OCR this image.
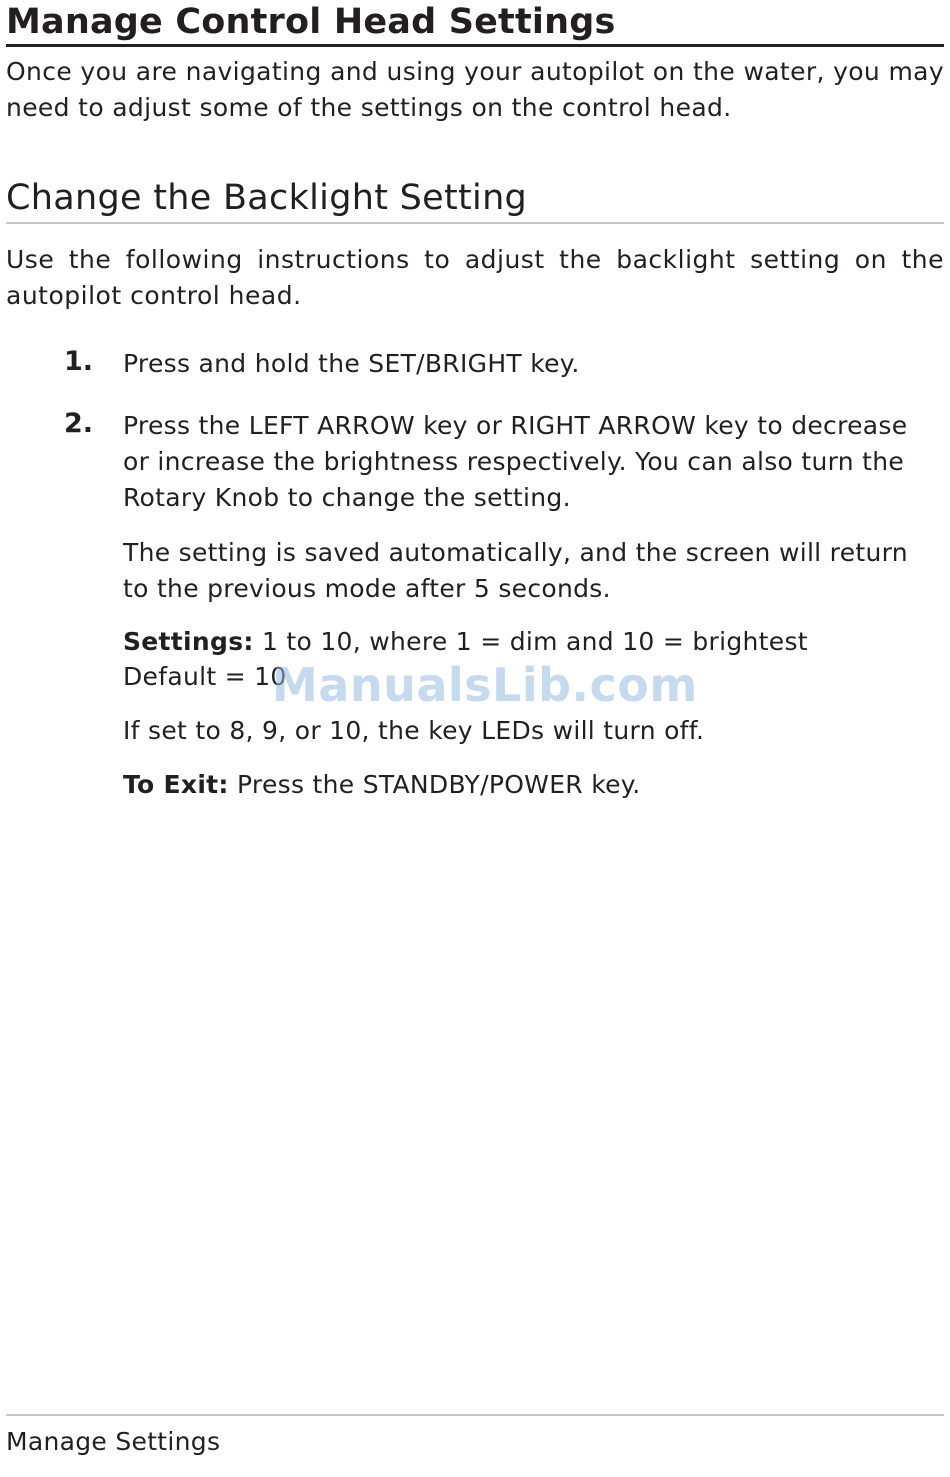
Manage Control Head Settings

Once you are navigating and using your autopilot on the water, you may need to adjust some of the settings on the control head.

Change the Backlight Setting

Use the following instructions to adjust the backlight setting on the autopilot control head.

1. Press and hold the SET/BRIGHT key.

2. Press the LEFT ARROW key or RIGHT ARROW key to decrease or increase the brightness respectively. You can also turn the Rotary Knob to change the setting.

The setting is saved automatically, and the screen will return to the previous mode after 5 seconds.

Settings: 1 to 10, where 1 = dim and 10 = brightest

Default = 10

If set to 8, 9, or 10, the key LEDs will turn off.

To Exit: Press the STANDBY/POWER key.

ManualsLib.com
Manage Settings
